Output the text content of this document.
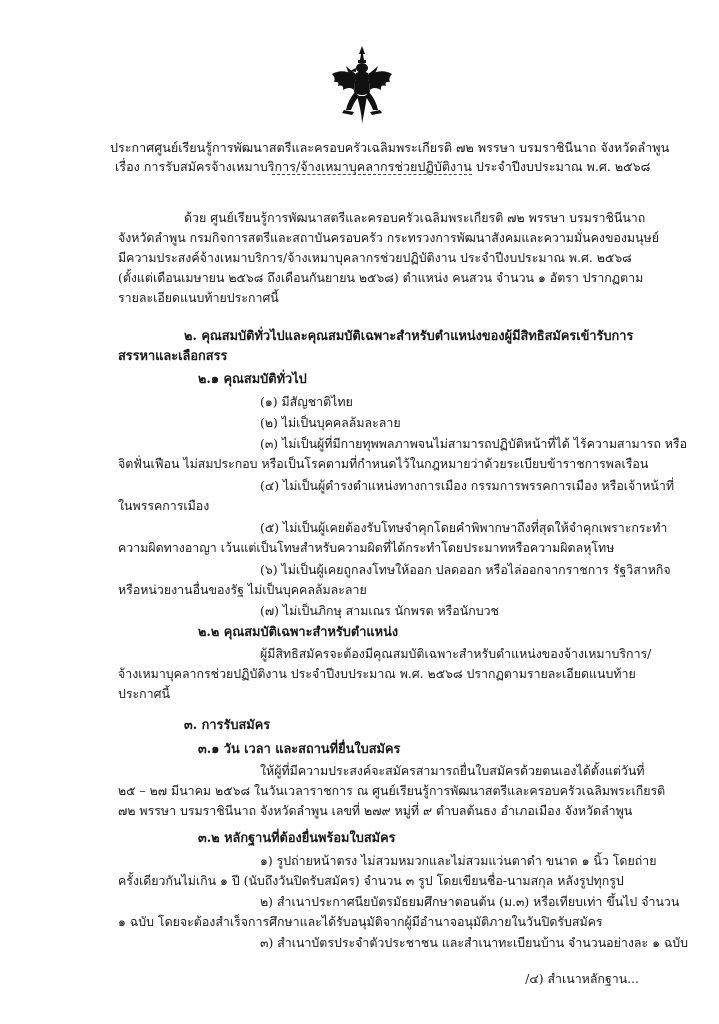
ประกาศศูนย์เรียนรู้การพัฒนาสตรีและครอบครัวเฉลิมพระเกียรติ ๗๒ พรรษา บรมราชินีนาถ จังหวัดลำพูน
เรื่อง การรับสมัครจ้างเหมาบริการ/จ้างเหมาบุคลากรช่วยปฏิบัติงาน ประจำปีงบประมาณ พ.ศ. ๒๕๖๘
ด้วย ศูนย์เรียนรู้การพัฒนาสตรีและครอบครัวเฉลิมพระเกียรติ ๗๒ พรรษา บรมราชินีนาถ
จังหวัดลำพูน กรมกิจการสตรีและสถาบันครอบครัว กระทรวงการพัฒนาสังคมและความมั่นคงของมนุษย์
มีความประสงค์จ้างเหมาบริการ/จ้างเหมาบุคลากรช่วยปฏิบัติงาน ประจำปีงบประมาณ พ.ศ. ๒๕๖๘
(ตั้งแต่เดือนเมษายน ๒๕๖๘ ถึงเดือนกันยายน ๒๕๖๘) ตำแหน่ง คนสวน จำนวน ๑ อัตรา ปรากฏตาม
รายละเอียดแนบท้ายประกาศนี้
๒. คุณสมบัติทั่วไปและคุณสมบัติเฉพาะสำหรับตำแหน่งของผู้มีสิทธิสมัครเข้ารับการ
สรรหาและเลือกสรร
๒.๑ คุณสมบัติทั่วไป
(๑) มีสัญชาติไทย
(๒) ไม่เป็นบุคคลล้มละลาย
(๓) ไม่เป็นผู้ที่มีกายทุพพลภาพจนไม่สามารถปฏิบัติหน้าที่ได้ ไร้ความสามารถ หรือ
จิตฟั่นเฟือน ไม่สมประกอบ หรือเป็นโรคตามที่กำหนดไว้ในกฎหมายว่าด้วยระเบียบข้าราชการพลเรือน
(๔) ไม่เป็นผู้ดำรงตำแหน่งทางการเมือง กรรมการพรรคการเมือง หรือเจ้าหน้าที่
ในพรรคการเมือง
(๕) ไม่เป็นผู้เคยต้องรับโทษจำคุกโดยคำพิพากษาถึงที่สุดให้จำคุกเพราะกระทำ
ความผิดทางอาญา เว้นแต่เป็นโทษสำหรับความผิดที่ได้กระทำโดยประมาทหรือความผิดลหุโทษ
(๖) ไม่เป็นผู้เคยถูกลงโทษให้ออก ปลดออก หรือไล่ออกจากราชการ รัฐวิสาหกิจ
หรือหน่วยงานอื่นของรัฐ ไม่เป็นบุคคลล้มละลาย
(๗) ไม่เป็นภิกษุ สามเณร นักพรต หรือนักบวช
๒.๒ คุณสมบัติเฉพาะสำหรับตำแหน่ง
ผู้มีสิทธิสมัครจะต้องมีคุณสมบัติเฉพาะสำหรับตำแหน่งของจ้างเหมาบริการ/
จ้างเหมาบุคลากรช่วยปฏิบัติงาน ประจำปีงบประมาณ พ.ศ. ๒๕๖๘ ปรากฏตามรายละเอียดแนบท้าย
ประกาศนี้
๓. การรับสมัคร
๓.๑ วัน เวลา และสถานที่ยื่นใบสมัคร
ให้ผู้ที่มีความประสงค์จะสมัครสามารถยื่นใบสมัครด้วยตนเองได้ตั้งแต่วันที่
๒๕ – ๒๗ มีนาคม ๒๕๖๘ ในวันเวลาราชการ ณ ศูนย์เรียนรู้การพัฒนาสตรีและครอบครัวเฉลิมพระเกียรติ
๗๒ พรรษา บรมราชินีนาถ จังหวัดลำพูน เลขที่ ๒๗๙ หมู่ที่ ๙ ตำบลต้นธง อำเภอเมือง จังหวัดลำพูน
๓.๒ หลักฐานที่ต้องยื่นพร้อมใบสมัคร
๑) รูปถ่ายหน้าตรง ไม่สวมหมวกและไม่สวมแว่นตาดำ ขนาด ๑ นิ้ว โดยถ่าย
ครั้งเดียวกันไม่เกิน ๑ ปี (นับถึงวันปิดรับสมัคร) จำนวน ๓ รูป โดยเขียนชื่อ-นามสกุล หลังรูปทุกรูป
๒) สำเนาประกาศนียบัตรมัธยมศึกษาตอนต้น (ม.๓) หรือเทียบเท่า ขึ้นไป จำนวน
๑ ฉบับ โดยจะต้องสำเร็จการศึกษาและได้รับอนุมัติจากผู้มีอำนาจอนุมัติภายในวันปิดรับสมัคร
๓) สำเนาบัตรประจำตัวประชาชน และสำเนาทะเบียนบ้าน จำนวนอย่างละ ๑ ฉบับ
/๔) สำเนาหลักฐาน...
